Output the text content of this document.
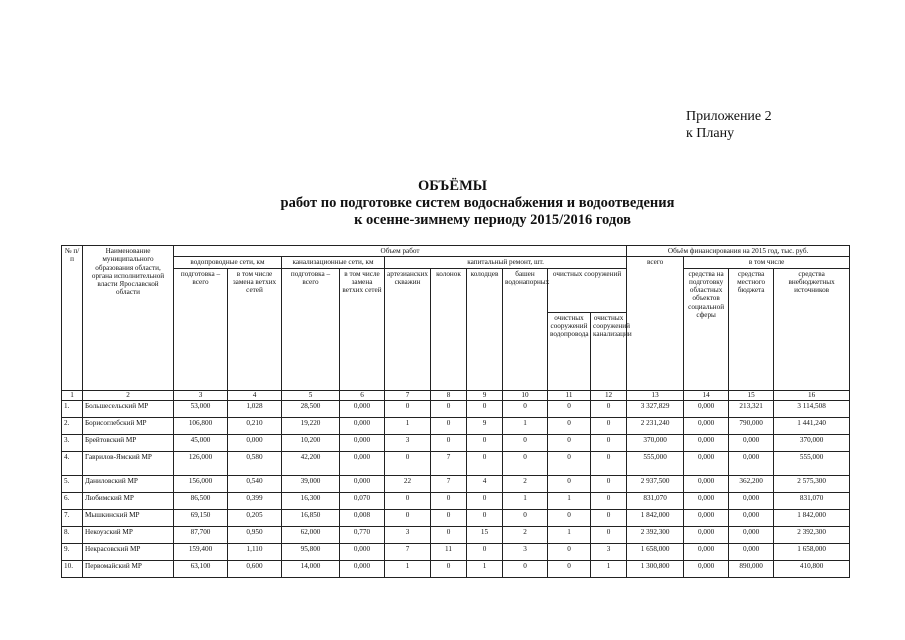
Приложение 2
к Плану
ОБЪЁМЫ
работ по подготовке систем водоснабжения и водоотведения
к осенне-зимнему периоду 2015/2016 годов
№ п/п	Наименование муниципального образования области, органа исполнительной власти Ярославской области	Объем работ										Объём финансирования на 2015 год, тыс. руб.			
		водопроводные сети, км		канализационные сети, км		капитальный ремонт, шт.						всего	в том числе		
		подготовка – всего	в том числе замена ветхих сетей	подготовка – всего	в том числе замена ветхих сетей	артезианских скважин	колонок	колодцев	башен водонапорных	очистных сооружений			средства на подготовку областных объектов социальной сферы	средства местного бюджета	средства внебюджетных источников
										очистных сооружений водопровода	очистных сооружений канализации				
1	2	3	4	5	6	7	8	9	10	11	12	13	14	15	16
1.	Большесельский МР	53,000	1,028	28,500	0,000	0	0	0	0	0	0	3 327,829	0,000	213,321	3 114,508
2.	Борисоглебский МР	106,800	0,210	19,220	0,000	1	0	9	1	0	0	2 231,240	0,000	790,000	1 441,240
3.	Брейтовский МР	45,000	0,000	10,200	0,000	3	0	0	0	0	0	370,000	0,000	0,000	370,000
4.	Гаврилов-Ямский МР	126,000	0,580	42,200	0,000	0	7	0	0	0	0	555,000	0,000	0,000	555,000
5.	Даниловский МР	156,000	0,540	39,000	0,000	22	7	4	2	0	0	2 937,500	0,000	362,200	2 575,300
6.	Любимский МР	86,500	0,399	16,300	0,070	0	0	0	1	1	0	831,070	0,000	0,000	831,070
7.	Мышкинский МР	69,150	0,205	16,850	0,008	0	0	0	0	0	0	1 842,000	0,000	0,000	1 842,000
8.	Некоузский МР	87,700	0,950	62,000	0,770	3	0	15	2	1	0	2 392,300	0,000	0,000	2 392,300
9.	Некрасовский МР	159,400	1,110	95,800	0,000	7	11	0	3	0	3	1 658,000	0,000	0,000	1 658,000
10.	Первомайский МР	63,100	0,600	14,000	0,000	1	0	1	0	0	1	1 300,800	0,000	890,000	410,800
